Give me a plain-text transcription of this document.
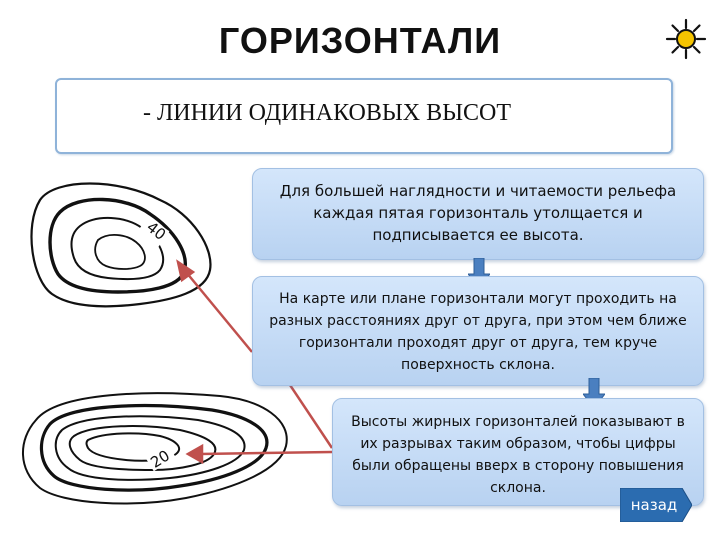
ГОРИЗОНТАЛИ
- ЛИНИИ ОДИНАКОВЫХ ВЫСОТ
40
20
Для большей наглядности и читаемости рельефа
каждая пятая горизонталь утолщается и
подписывается ее высота.
На карте или плане горизонтали могут проходить на
разных расстояниях друг от друга, при этом чем ближе
горизонтали проходят друг от друга, тем круче
поверхность склона.
Высоты жирных горизонталей показывают в
их разрывах таким образом, чтобы цифры
были обращены вверх в сторону повышения
склона.
назад
